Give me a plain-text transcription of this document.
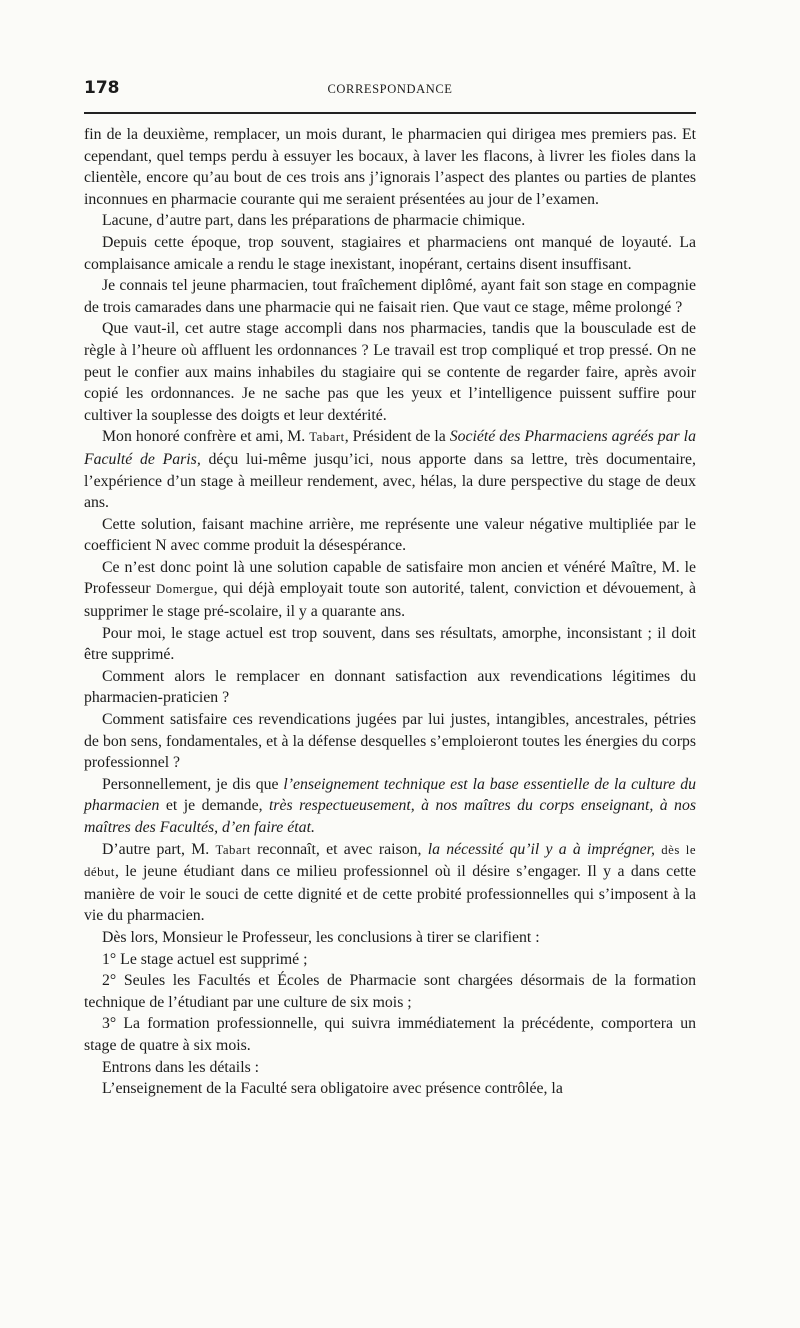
178	CORRESPONDANCE

fin de la deuxième, remplacer, un mois durant, le pharmacien qui dirigea mes premiers pas. Et cependant, quel temps perdu à essuyer les bocaux, à laver les flacons, à livrer les fioles dans la clientèle, encore qu’au bout de ces trois ans j’ignorais l’aspect des plantes ou parties de plantes inconnues en pharmacie courante qui me seraient présentées au jour de l’examen.

Lacune, d’autre part, dans les préparations de pharmacie chimique.

Depuis cette époque, trop souvent, stagiaires et pharmaciens ont manqué de loyauté. La complaisance amicale a rendu le stage inexistant, inopérant, certains disent insuffisant.

Je connais tel jeune pharmacien, tout fraîchement diplômé, ayant fait son stage en compagnie de trois camarades dans une pharmacie qui ne faisait rien. Que vaut ce stage, même prolongé ?

Que vaut-il, cet autre stage accompli dans nos pharmacies, tandis que la bousculade est de règle à l’heure où affluent les ordonnances ? Le travail est trop compliqué et trop pressé. On ne peut le confier aux mains inhabiles du stagiaire qui se contente de regarder faire, après avoir copié les ordonnances. Je ne sache pas que les yeux et l’intelligence puissent suffire pour cultiver la souplesse des doigts et leur dextérité.

Mon honoré confrère et ami, M. Tabart, Président de la Société des Pharmaciens agréés par la Faculté de Paris, déçu lui-même jusqu’ici, nous apporte dans sa lettre, très documentaire, l’expérience d’un stage à meilleur rendement, avec, hélas, la dure perspective du stage de deux ans.

Cette solution, faisant machine arrière, me représente une valeur négative multipliée par le coefficient N avec comme produit la désespérance.

Ce n’est donc point là une solution capable de satisfaire mon ancien et vénéré Maître, M. le Professeur Domergue, qui déjà employait toute son autorité, talent, conviction et dévouement, à supprimer le stage pré-scolaire, il y a quarante ans.

Pour moi, le stage actuel est trop souvent, dans ses résultats, amorphe, inconsistant ; il doit être supprimé.

Comment alors le remplacer en donnant satisfaction aux revendications légitimes du pharmacien-praticien ?

Comment satisfaire ces revendications jugées par lui justes, intangibles, ancestrales, pétries de bon sens, fondamentales, et à la défense desquelles s’emploieront toutes les énergies du corps professionnel ?

Personnellement, je dis que l’enseignement technique est la base essentielle de la culture du pharmacien et je demande, très respectueusement, à nos maîtres du corps enseignant, à nos maîtres des Facultés, d’en faire état.

D’autre part, M. Tabart reconnaît, et avec raison, la nécessité qu’il y a à imprégner, dès le début, le jeune étudiant dans ce milieu professionnel où il désire s’engager. Il y a dans cette manière de voir le souci de cette dignité et de cette probité professionnelles qui s’imposent à la vie du pharmacien.

Dès lors, Monsieur le Professeur, les conclusions à tirer se clarifient :

1° Le stage actuel est supprimé ;

2° Seules les Facultés et Écoles de Pharmacie sont chargées désormais de la formation technique de l’étudiant par une culture de six mois ;

3° La formation professionnelle, qui suivra immédiatement la précédente, comportera un stage de quatre à six mois.

Entrons dans les détails :

L’enseignement de la Faculté sera obligatoire avec présence contrôlée, la
